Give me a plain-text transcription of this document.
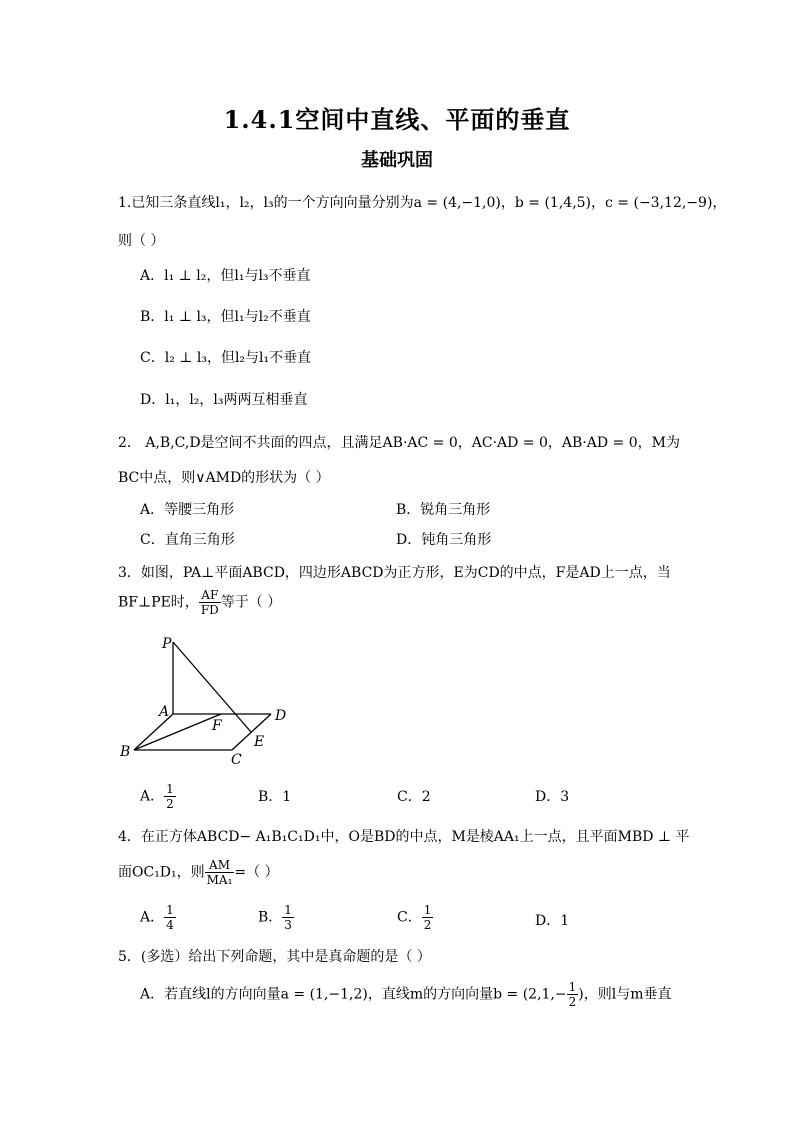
1.4.1空间中直线、平面的垂直
基础巩固
1.已知三条直线l₁，l₂，l₃的一个方向向量分别为a = (4,−1,0)，b = (1,4,5)，c = (−3,12,−9)，
则（ ）
A．l₁ ⊥ l₂，但l₁与l₃不垂直
B．l₁ ⊥ l₃，但l₁与l₂不垂直
C．l₂ ⊥ l₃，但l₂与l₁不垂直
D．l₁，l₂，l₃两两互相垂直
2． A,B,C,D是空间不共面的四点，且满足AB·AC = 0，AC·AD = 0，AB·AD = 0，M为
BC中点，则∨AMD的形状为（ ）
A．等腰三角形	B．锐角三角形
C．直角三角形	D．钝角三角形
3．如图，PA⊥平面ABCD，四边形ABCD为正方形，E为CD的中点，F是AD上一点，当
BF⊥PE时， $\frac{AF}{FD}$ 等于（ ）
P
A
B	C
D
E
F
A． $\frac{1}{2}$	B．1	C．2	D．3
4．在正方体ABCD− A₁B₁C₁D₁中，O是BD的中点，M是棱AA₁上一点，且平面MBD ⊥ 平
面OC₁D₁，则 $\frac{AM}{\text{MA₁}}$ =（ ）
A． $\frac{1}{4}$	B． $\frac{1}{3}$	C． $\frac{1}{2}$	D．1
5．(多选）给出下列命题，其中是真命题的是（ ）
A．若直线l的方向向量a = (1,−1,2)，直线m的方向向量$b = (2,1,- \frac{1}{2}$ )，则l与m垂直
